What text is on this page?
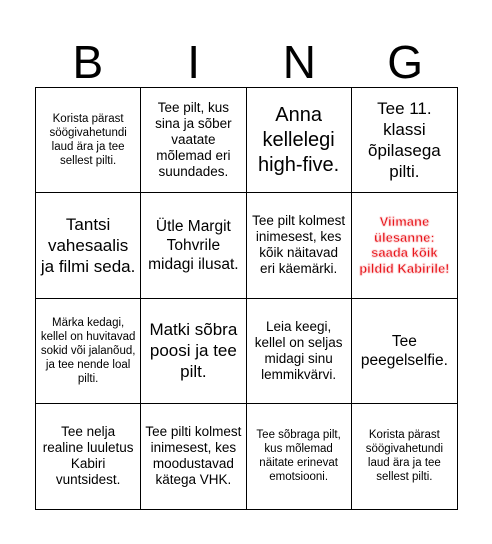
B	I	N	G
Korista pärast söögivahetundi laud ära ja tee sellest pilti.
Tee pilt, kus sina ja sõber vaatate mõlemad eri suundades.
Anna kellelegi high-five.
Tee 11. klassi õpilasega pilti.
Tantsi vahesaalis ja filmi seda.
Ütle Margit Tohvrile midagi ilusat.
Tee pilt kolmest inimesest, kes kõik näitavad eri käemärki.
Viimane ülesanne: saada kõik pildid Kabirile!
Märka kedagi, kellel on huvitavad sokid või jalanõud, ja tee nende loal pilti.
Matki sõbra poosi ja tee pilt.
Leia keegi, kellel on seljas midagi sinu lemmikvärvi.
Tee peegelselfie.
Tee nelja realine luuletus Kabiri vuntsidest.
Tee pilti kolmest inimesest, kes moodustavad kätega VHK.
Tee sõbraga pilt, kus mõlemad näitate erinevat emotsiooni.
Korista pärast söögivahetundi laud ära ja tee sellest pilti.
